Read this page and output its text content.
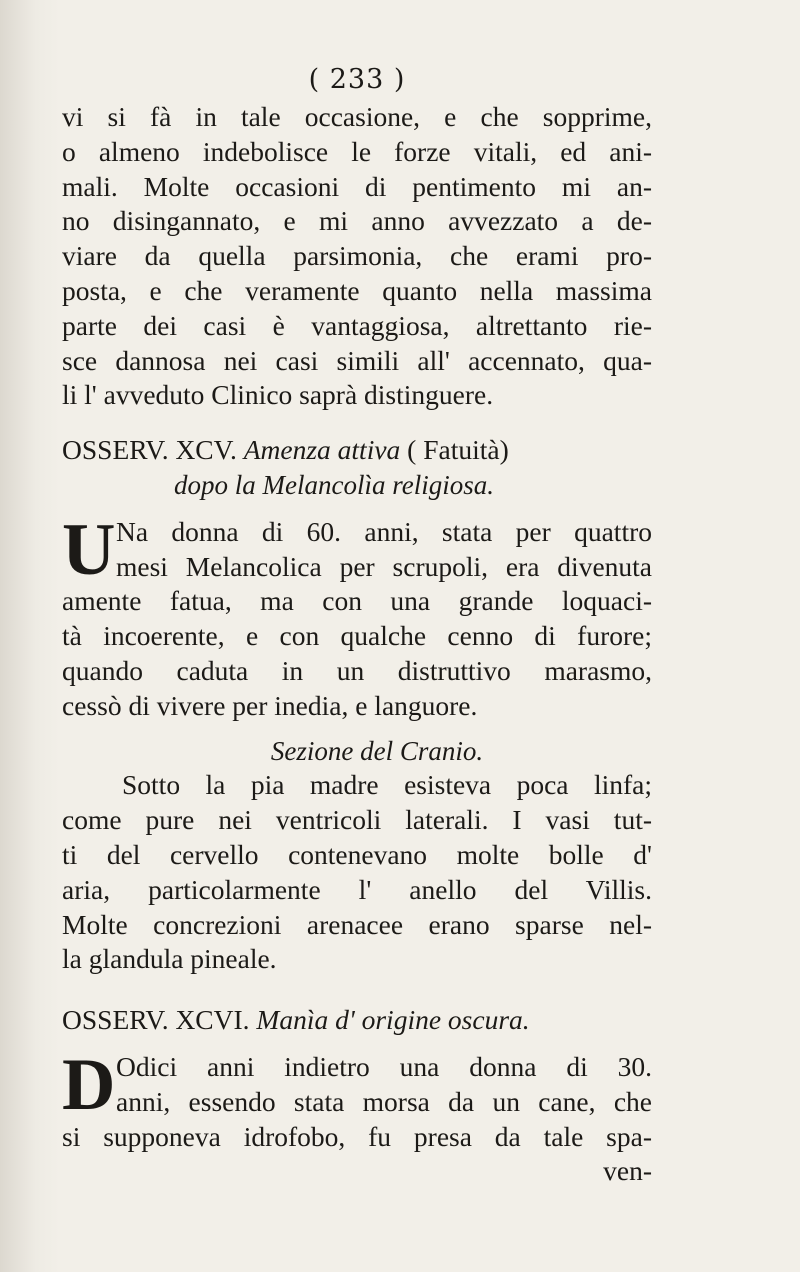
( 233 )
vi si fà in tale occasione, e che sopprime,
o almeno indebolisce le forze vitali, ed ani-
mali. Molte occasioni di pentimento mi an-
no disingannato, e mi anno avvezzato a de-
viare da quella parsimonia, che erami pro-
posta, e che veramente quanto nella massima
parte dei casi è vantaggiosa, altrettanto rie-
sce dannosa nei casi simili all' accennato, qua-
li l' avveduto Clinico saprà distinguere.
OSSERV. XCV. Amenza attiva ( Fatuità)
dopo la Melancolìa religiosa.
U Na donna di 60. anni, stata per quattro
mesi Melancolica per scrupoli, era divenuta
amente fatua, ma con una grande loquaci-
tà incoerente, e con qualche cenno di furore;
quando caduta in un distruttivo marasmo,
cessò di vivere per inedia, e languore.
Sezione del Cranio.
Sotto la pia madre esisteva poca linfa;
come pure nei ventricoli laterali. I vasi tut-
ti del cervello contenevano molte bolle d'
aria, particolarmente l' anello del Villis.
Molte concrezioni arenacee erano sparse nel-
la glandula pineale.
OSSERV. XCVI. Manìa d' origine oscura.
D Odici anni indietro una donna di 30.
anni, essendo stata morsa da un cane, che
si supponeva idrofobo, fu presa da tale spa-
ven-
